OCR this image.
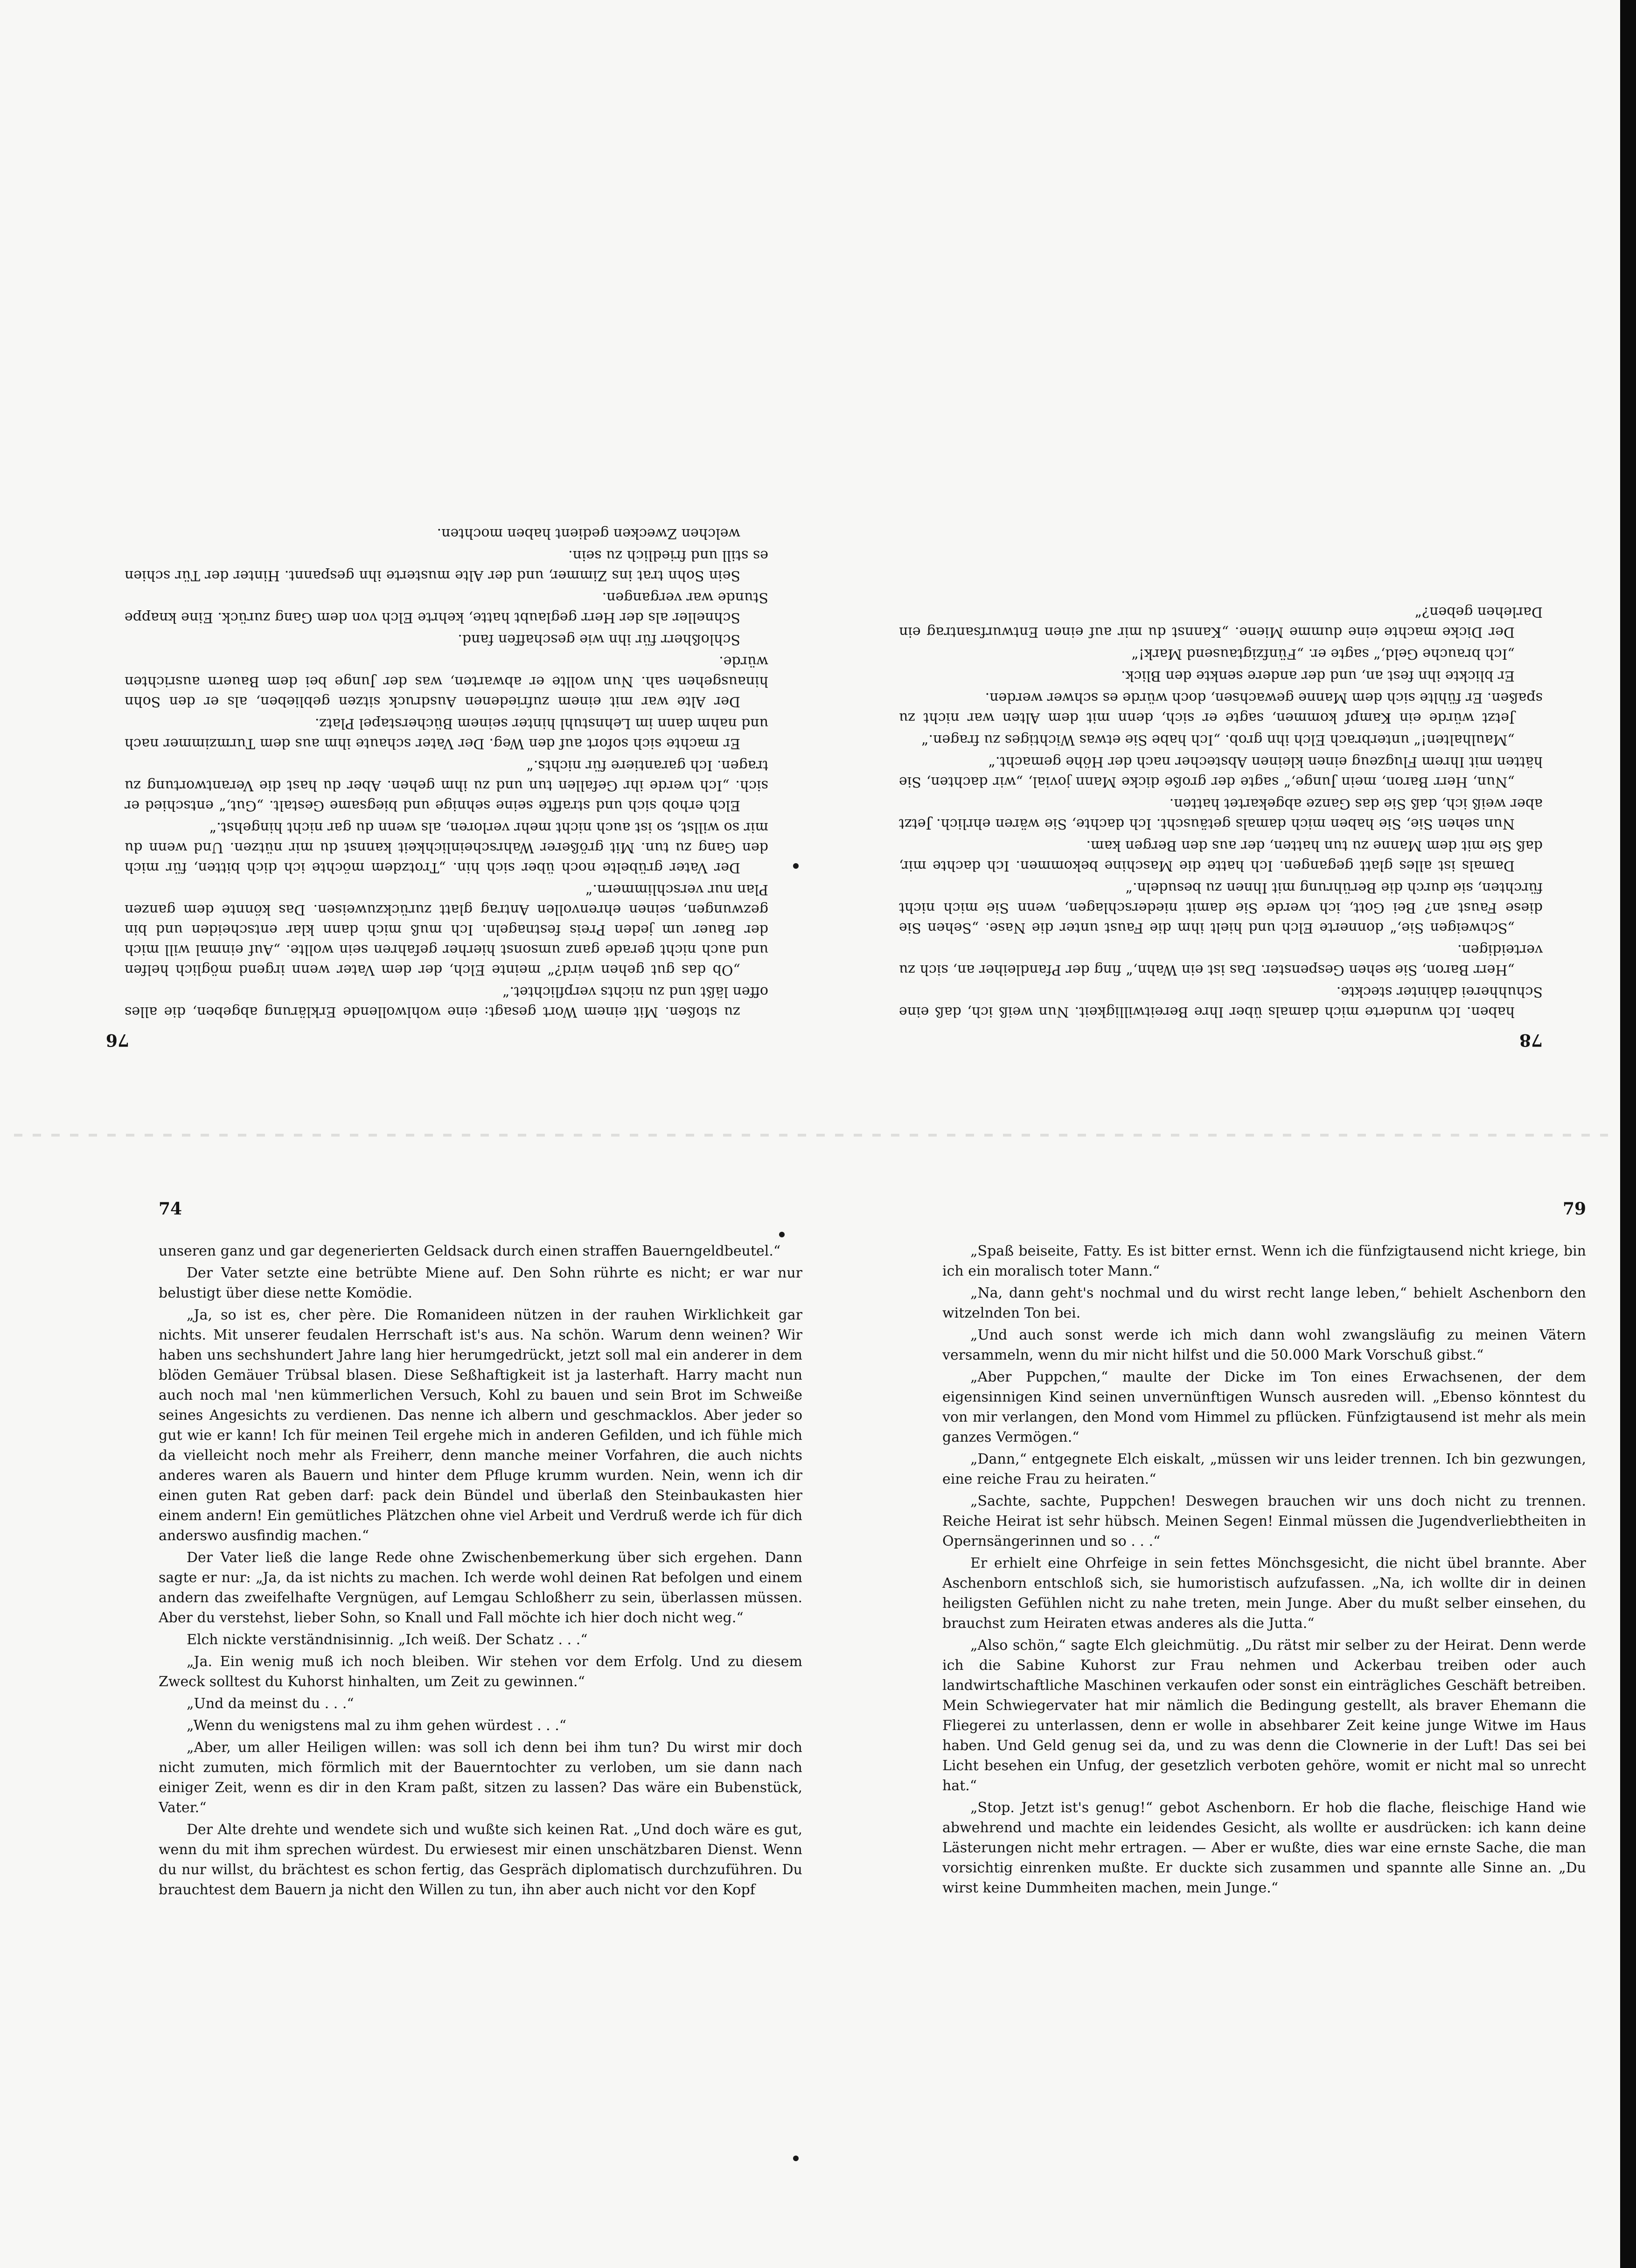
78

haben. Ich wunderte mich damals über Ihre Bereitwilligkeit. Nun weiß ich, daß eine Schuhherei dahinter steckte.

„Herr Baron, Sie sehen Gespenster. Das ist ein Wahn,“ fing der Pfandleiher an, sich zu verteidigen.

„Schweigen Sie,“ donnerte Elch und hielt ihm die Faust unter die Nase. „Sehen Sie diese Faust an? Bei Gott, ich werde Sie damit niederschlagen, wenn Sie mich nicht fürchten, sie durch die Berührung mit Ihnen zu besudeln.“

Damals ist alles glatt gegangen. Ich hatte die Maschine bekommen. Ich dachte mir, daß Sie mit dem Manne zu tun hatten, der aus den Bergen kam.

Nun sehen Sie, Sie haben mich damals getäuscht. Ich dachte, Sie wären ehrlich. Jetzt aber weiß ich, daß Sie das Ganze abgekartet hatten.

„Nun, Herr Baron, mein Junge,“ sagte der große dicke Mann jovial, „wir dachten, Sie hätten mit Ihrem Flugzeug einen kleinen Abstecher nach der Höhe gemacht.“

„Maulhalten!“ unterbrach Elch ihn grob. „Ich habe Sie etwas Wichtiges zu fragen.“

Jetzt würde ein Kampf kommen, sagte er sich, denn mit dem Alten war nicht zu spaßen. Er fühlte sich dem Manne gewachsen, doch würde es schwer werden.

Er blickte ihn fest an, und der andere senkte den Blick.

„Ich brauche Geld,“ sagte er. „Fünfzigtausend Mark!“

Der Dicke machte eine dumme Miene. „Kannst du mir auf einen Entwurfsantrag ein Darlehen geben?“

76

zu stoßen. Mit einem Wort gesagt: eine wohlwollende Erklärung abgeben, die alles offen läßt und zu nichts verpflichtet.“

„Ob das gut gehen wird?“ meinte Elch, der dem Vater wenn irgend möglich helfen und auch nicht gerade ganz umsonst hierher gefahren sein wollte. „Auf einmal will mich der Bauer um jeden Preis festnageln. Ich muß mich dann klar entscheiden und bin gezwungen, seinen ehrenvollen Antrag glatt zurückzuweisen. Das könnte dem ganzen Plan nur verschlimmern.“

Der Vater grübelte noch über sich hin. „Trotzdem möchte ich dich bitten, für mich den Gang zu tun. Mit größerer Wahrscheinlichkeit kannst du mir nützen. Und wenn du mir so willst, so ist auch nicht mehr verloren, als wenn du gar nicht hingehst.“

Elch erhob sich und straffte seine sehnige und biegsame Gestalt. „Gut,“ entschied er sich. „Ich werde ihr Gefallen tun und zu ihm gehen. Aber du hast die Verantwortung zu tragen. Ich garantiere für nichts.“

Er machte sich sofort auf den Weg. Der Vater schaute ihm aus dem Turmzimmer nach und nahm dann im Lehnstuhl hinter seinem Bücherstapel Platz.

Der Alte war mit einem zufriedenen Ausdruck sitzen geblieben, als er den Sohn hinausgehen sah. Nun wollte er abwarten, was der Junge bei dem Bauern ausrichten würde.

Schloßherr für ihn wie geschaffen fand.

Schneller als der Herr geglaubt hatte, kehrte Elch von dem Gang zurück. Eine knappe Stunde war vergangen.

Sein Sohn trat ins Zimmer, und der Alte musterte ihn gespannt. Hinter der Tür schien es still und friedlich zu sein.

welchen Zwecken gedient haben mochten.

74

unseren ganz und gar degenerierten Geldsack durch einen straffen Bauerngeldbeutel.“

Der Vater setzte eine betrübte Miene auf. Den Sohn rührte es nicht; er war nur belustigt über diese nette Komödie.

„Ja, so ist es, cher père. Die Romanideen nützen in der rauhen Wirklichkeit gar nichts. Mit unserer feudalen Herrschaft ist's aus. Na schön. Warum denn weinen? Wir haben uns sechshundert Jahre lang hier herumgedrückt, jetzt soll mal ein anderer in dem blöden Gemäuer Trübsal blasen. Diese Seßhaftigkeit ist ja lasterhaft. Harry macht nun auch noch mal 'nen kümmerlichen Versuch, Kohl zu bauen und sein Brot im Schweiße seines Angesichts zu verdienen. Das nenne ich albern und geschmacklos. Aber jeder so gut wie er kann! Ich für meinen Teil ergehe mich in anderen Gefilden, und ich fühle mich da vielleicht noch mehr als Freiherr, denn manche meiner Vorfahren, die auch nichts anderes waren als Bauern und hinter dem Pfluge krumm wurden. Nein, wenn ich dir einen guten Rat geben darf: pack dein Bündel und überlaß den Steinbaukasten hier einem andern! Ein gemütliches Plätzchen ohne viel Arbeit und Verdruß werde ich für dich anderswo ausfindig machen.“

Der Vater ließ die lange Rede ohne Zwischenbemerkung über sich ergehen. Dann sagte er nur: „Ja, da ist nichts zu machen. Ich werde wohl deinen Rat befolgen und einem andern das zweifelhafte Vergnügen, auf Lemgau Schloßherr zu sein, überlassen müssen. Aber du verstehst, lieber Sohn, so Knall und Fall möchte ich hier doch nicht weg.“

Elch nickte verständnisinnig. „Ich weiß. Der Schatz . . .“

„Ja. Ein wenig muß ich noch bleiben. Wir stehen vor dem Erfolg. Und zu diesem Zweck solltest du Kuhorst hinhalten, um Zeit zu gewinnen.“

„Und da meinst du . . .“

„Wenn du wenigstens mal zu ihm gehen würdest . . .“

„Aber, um aller Heiligen willen: was soll ich denn bei ihm tun? Du wirst mir doch nicht zumuten, mich förmlich mit der Bauerntochter zu verloben, um sie dann nach einiger Zeit, wenn es dir in den Kram paßt, sitzen zu lassen? Das wäre ein Bubenstück, Vater.“

Der Alte drehte und wendete sich und wußte sich keinen Rat. „Und doch wäre es gut, wenn du mit ihm sprechen würdest. Du erwiesest mir einen unschätzbaren Dienst. Wenn du nur willst, du brächtest es schon fertig, das Gespräch diplomatisch durchzuführen. Du brauchtest dem Bauern ja nicht den Willen zu tun, ihn aber auch nicht vor den Kopf

79

„Spaß beiseite, Fatty. Es ist bitter ernst. Wenn ich die fünfzigtausend nicht kriege, bin ich ein moralisch toter Mann.“

„Na, dann geht's nochmal und du wirst recht lange leben,“ behielt Aschenborn den witzelnden Ton bei.

„Und auch sonst werde ich mich dann wohl zwangsläufig zu meinen Vätern versammeln, wenn du mir nicht hilfst und die 50.000 Mark Vorschuß gibst.“

„Aber Puppchen,“ maulte der Dicke im Ton eines Erwachsenen, der dem eigensinnigen Kind seinen unvernünftigen Wunsch ausreden will. „Ebenso könntest du von mir verlangen, den Mond vom Himmel zu pflücken. Fünfzigtausend ist mehr als mein ganzes Vermögen.“

„Dann,“ entgegnete Elch eiskalt, „müssen wir uns leider trennen. Ich bin gezwungen, eine reiche Frau zu heiraten.“

„Sachte, sachte, Puppchen! Deswegen brauchen wir uns doch nicht zu trennen. Reiche Heirat ist sehr hübsch. Meinen Segen! Einmal müssen die Jugendverliebtheiten in Opernsängerinnen und so . . .“

Er erhielt eine Ohrfeige in sein fettes Mönchsgesicht, die nicht übel brannte. Aber Aschenborn entschloß sich, sie humoristisch aufzufassen. „Na, ich wollte dir in deinen heiligsten Gefühlen nicht zu nahe treten, mein Junge. Aber du mußt selber einsehen, du brauchst zum Heiraten etwas anderes als die Jutta.“

„Also schön,“ sagte Elch gleichmütig. „Du rätst mir selber zu der Heirat. Denn werde ich die Sabine Kuhorst zur Frau nehmen und Ackerbau treiben oder auch landwirtschaftliche Maschinen verkaufen oder sonst ein einträgliches Geschäft betreiben. Mein Schwiegervater hat mir nämlich die Bedingung gestellt, als braver Ehemann die Fliegerei zu unterlassen, denn er wolle in absehbarer Zeit keine junge Witwe im Haus haben. Und Geld genug sei da, und zu was denn die Clownerie in der Luft! Das sei bei Licht besehen ein Unfug, der gesetzlich verboten gehöre, womit er nicht mal so unrecht hat.“

„Stop. Jetzt ist's genug!“ gebot Aschenborn. Er hob die flache, fleischige Hand wie abwehrend und machte ein leidendes Gesicht, als wollte er ausdrücken: ich kann deine Lästerungen nicht mehr ertragen. — Aber er wußte, dies war eine ernste Sache, die man vorsichtig einrenken mußte. Er duckte sich zusammen und spannte alle Sinne an. „Du wirst keine Dummheiten machen, mein Junge.“
